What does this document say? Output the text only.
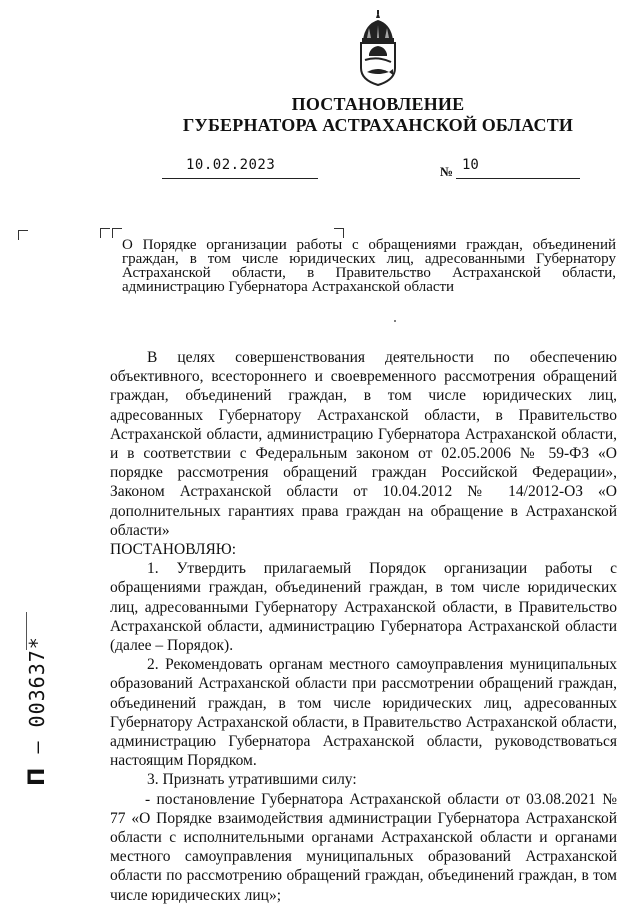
ПОСТАНОВЛЕНИЕ
ГУБЕРНАТОРА АСТРАХАНСКОЙ ОБЛАСТИ
10.02.2023	№ 10
О Порядке организации работы с обращениями граждан, объединений граждан, в том числе юридических лиц, адресованными Губернатору Астраханской области, в Правительство Астраханской области, администрацию Губернатора Астраханской области

В целях совершенствования деятельности по обеспечению объективного, всестороннего и своевременного рассмотрения обращений граждан, объединений граждан, в том числе юридических лиц, адресованных Губернатору Астраханской области, в Правительство Астраханской области, администрацию Губернатора Астраханской области, и в соответствии с Федеральным законом от 02.05.2006 № 59-ФЗ «О порядке рассмотрения обращений граждан Российской Федерации», Законом Астраханской области от 10.04.2012 № 14/2012-ОЗ «О дополнительных гарантиях права граждан на обращение в Астраханской области»

ПОСТАНОВЛЯЮ:

1. Утвердить прилагаемый Порядок организации работы с обращениями граждан, объединений граждан, в том числе юридических лиц, адресованными Губернатору Астраханской области, в Правительство Астраханской области, администрацию Губернатора Астраханской области (далее – Порядок).

2. Рекомендовать органам местного самоуправления муниципальных образований Астраханской области при рассмотрении обращений граждан, объединений граждан, в том числе юридических лиц, адресованных Губернатору Астраханской области, в Правительство Астраханской области, администрацию Губернатора Астраханской области, руководствоваться настоящим Порядком.

3. Признать утратившими силу:

- постановление Губернатора Астраханской области от 03.08.2021 № 77 «О Порядке взаимодействия администрации Губернатора Астраханской области с исполнительными органами Астраханской области и органами местного самоуправления муниципальных образований Астраханской области по рассмотрению обращений граждан, объединений граждан, в том числе юридических лиц»;

П – 003637*
